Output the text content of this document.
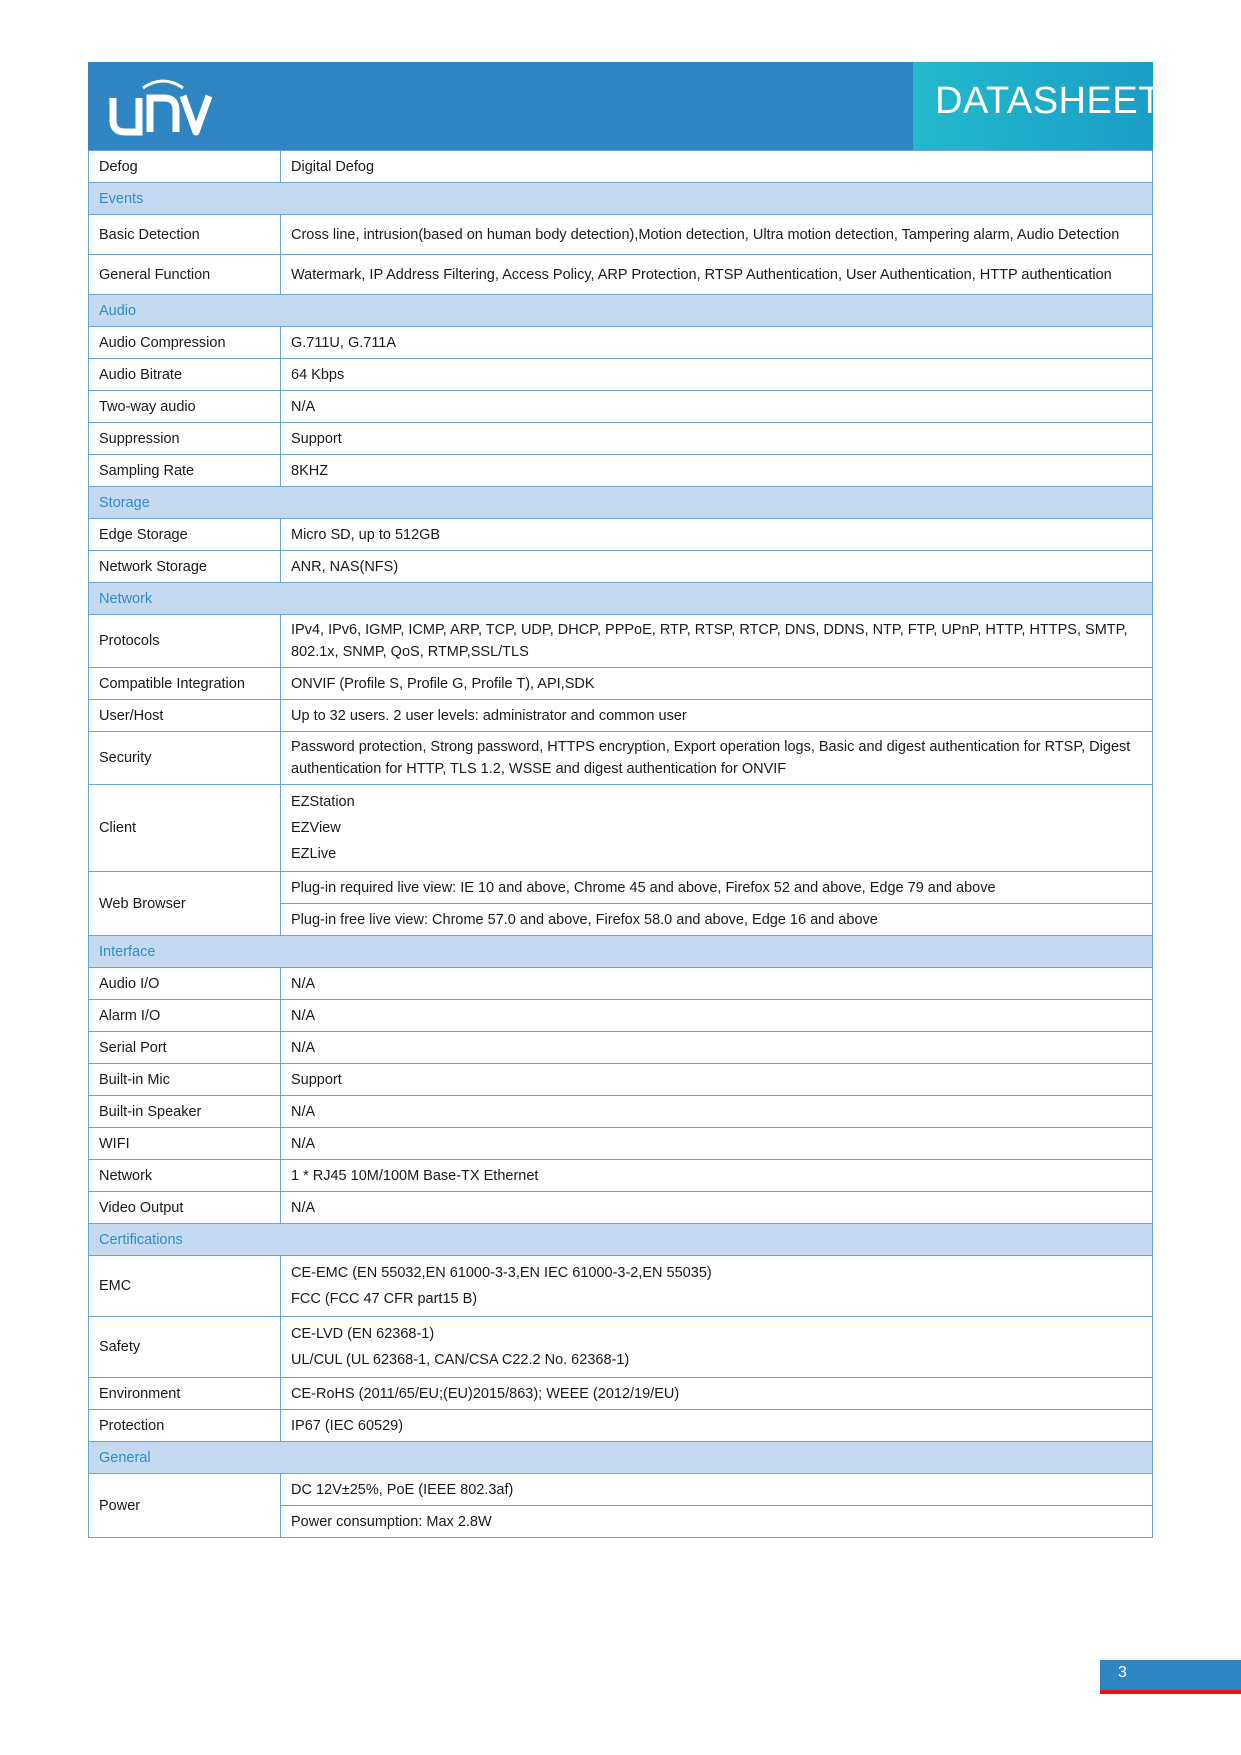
DATASHEET
Defog	Digital Defog
Events	
Basic Detection	Cross line, intrusion(based on human body detection),Motion detection, Ultra motion detection, Tampering alarm, Audio Detection
General Function	Watermark, IP Address Filtering, Access Policy, ARP Protection, RTSP Authentication, User Authentication, HTTP authentication
Audio	
Audio Compression	G.711U, G.711A
Audio Bitrate	64 Kbps
Two-way audio	N/A
Suppression	Support
Sampling Rate	8KHZ
Storage	
Edge Storage	Micro SD, up to 512GB
Network Storage	ANR, NAS(NFS)
Network	
Protocols	IPv4, IPv6, IGMP, ICMP, ARP, TCP, UDP, DHCP, PPPoE, RTP, RTSP, RTCP, DNS, DDNS, NTP, FTP, UPnP, HTTP, HTTPS, SMTP, 802.1x, SNMP, QoS, RTMP,SSL/TLS
Compatible Integration	ONVIF (Profile S, Profile G, Profile T), API,SDK
User/Host	Up to 32 users. 2 user levels: administrator and common user
Security	Password protection, Strong password, HTTPS encryption, Export operation logs, Basic and digest authentication for RTSP, Digest authentication for HTTP, TLS 1.2, WSSE and digest authentication for ONVIF
Client	EZStation
EZView
EZLive

Web Browser	Plug-in required live view: IE 10 and above, Chrome 45 and above, Firefox 52 and above, Edge 79 and above
	Plug-in free live view: Chrome 57.0 and above, Firefox 58.0 and above, Edge 16 and above
Interface	
Audio I/O	N/A
Alarm I/O	N/A
Serial Port	N/A
Built-in Mic	Support
Built-in Speaker	N/A
WIFI	N/A
Network	1 * RJ45 10M/100M Base-TX Ethernet
Video Output	N/A
Certifications	
EMC	CE-EMC (EN 55032,EN 61000-3-3,EN IEC 61000-3-2,EN 55035)
FCC (FCC 47 CFR part15 B)

Safety	CE-LVD (EN 62368-1)
UL/CUL (UL 62368-1, CAN/CSA C22.2 No. 62368-1)

Environment	CE-RoHS (2011/65/EU;(EU)2015/863); WEEE (2012/19/EU)
Protection	IP67 (IEC 60529)
General	
Power	DC 12V±25%, PoE (IEEE 802.3af)
	Power consumption: Max 2.8W
3
